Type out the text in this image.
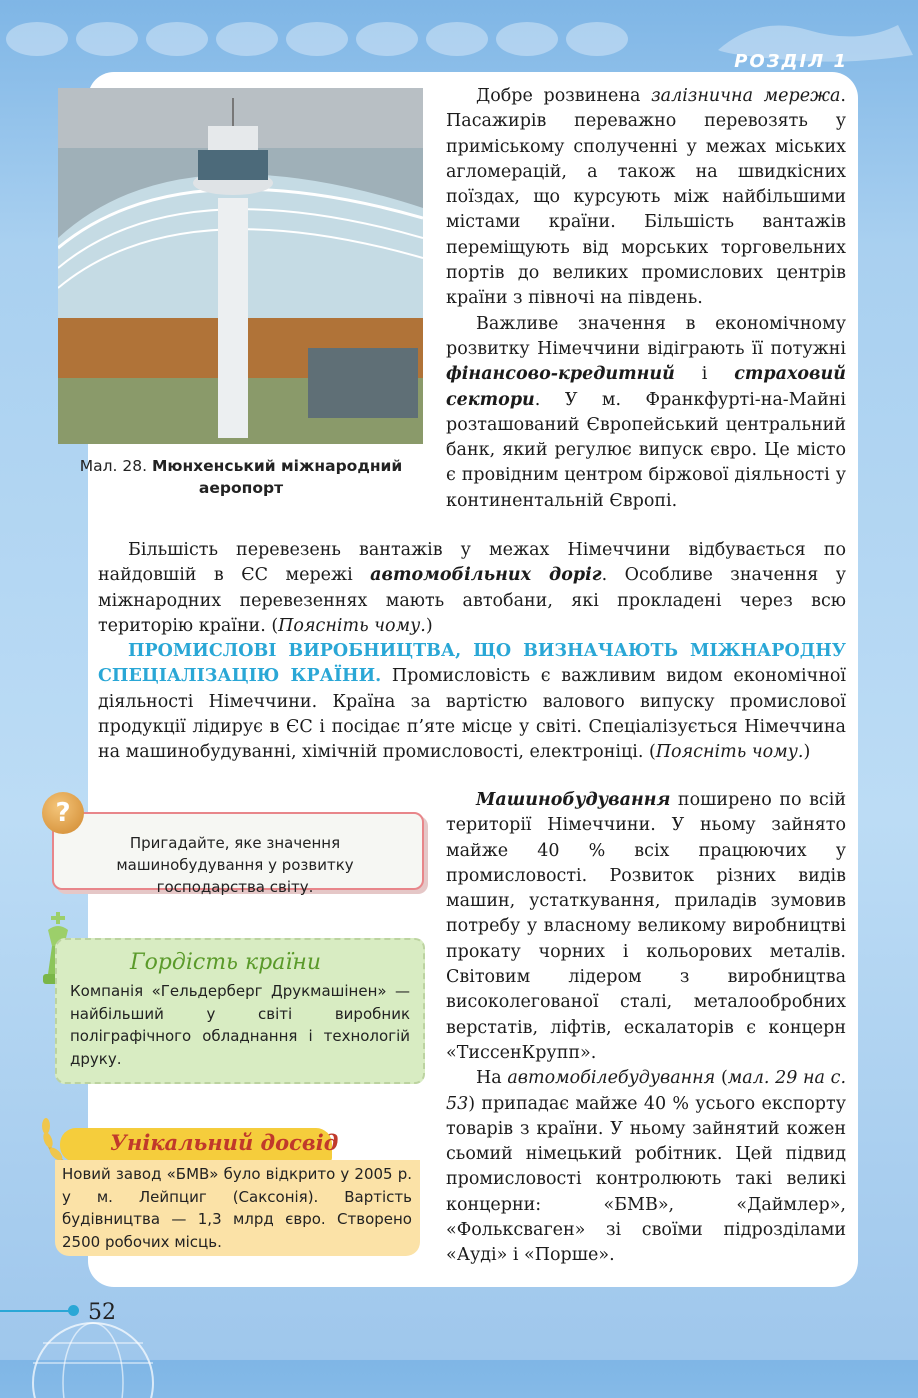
РОЗДІЛ 1
Мал. 28. Мюнхенський міжнародний аеропорт

Добре розвинена залізнична мережа. Пасажирів переважно перевозять у приміському сполученні у межах міських агломерацій, а також на швидкісних поїздах, що курсують між найбільшими містами країни. Більшість вантажів переміщують від морських торговельних портів до великих промислових центрів країни з півночі на південь.

Важливе значення в економічному розвитку Німеччини відіграють її потужні фінансово-кредитний і страховий сектори. У м. Франкфурті-на-Майні розташований Європейський центральний банк, який регулює випуск євро. Це місто є провідним центром біржової діяльності у континентальній Європі.

Більшість перевезень вантажів у межах Німеччини відбувається по найдовшій в ЄС мережі автомобільних доріг. Особливе значення у міжнародних перевезеннях мають автобани, які прокладені через всю територію країни. (Поясніть чому.)

ПРОМИСЛОВІ ВИРОБНИЦТВА, ЩО ВИЗНАЧАЮТЬ МІЖНАРОДНУ СПЕЦІАЛІЗАЦІЮ КРАЇНИ. Промисловість є важливим видом економічної діяльності Німеччини. Країна за вартістю валового випуску промислової продукції лідирує в ЄС і посідає п’яте місце у світі. Спеціалізується Німеччина на машинобудуванні, хімічній промисловості, електроніці. (Поясніть чому.)

Машинобудування поширено по всій території Німеччини. У ньому зайнято майже 40 % всіх працюючих у промисловості. Розвиток різних видів машин, устаткування, приладів зумовив потребу у власному великому виробництві прокату чорних і кольорових металів. Світовим лідером з виробництва високолегованої сталі, металообробних верстатів, ліфтів, ескалаторів є концерн «ТиссенКрупп».

На автомобілебудування (мал. 29 на с. 53) припадає майже 40 % усього експорту товарів з країни. У ньому зайнятий кожен сьомий німецький робітник. Цей підвид промисловості контролюють такі великі концерни: «БМВ», «Даймлер», «Фольксваген» зі своїми підрозділами «Ауді» і «Порше».

?
Пригадайте, яке значення машинобудування у розвитку господарства світу.
Гордість країни
Компанія «Гельдерберг Друкмашінен» — найбільший у світі виробник поліграфічного обладнання і технологій друку.
Унікальний досвід
Новий завод «БМВ» було відкрито у 2005 р. у м. Лейпциг (Саксонія). Вартість будівництва — 1,3 млрд євро. Створено 2500 робочих місць.
52
